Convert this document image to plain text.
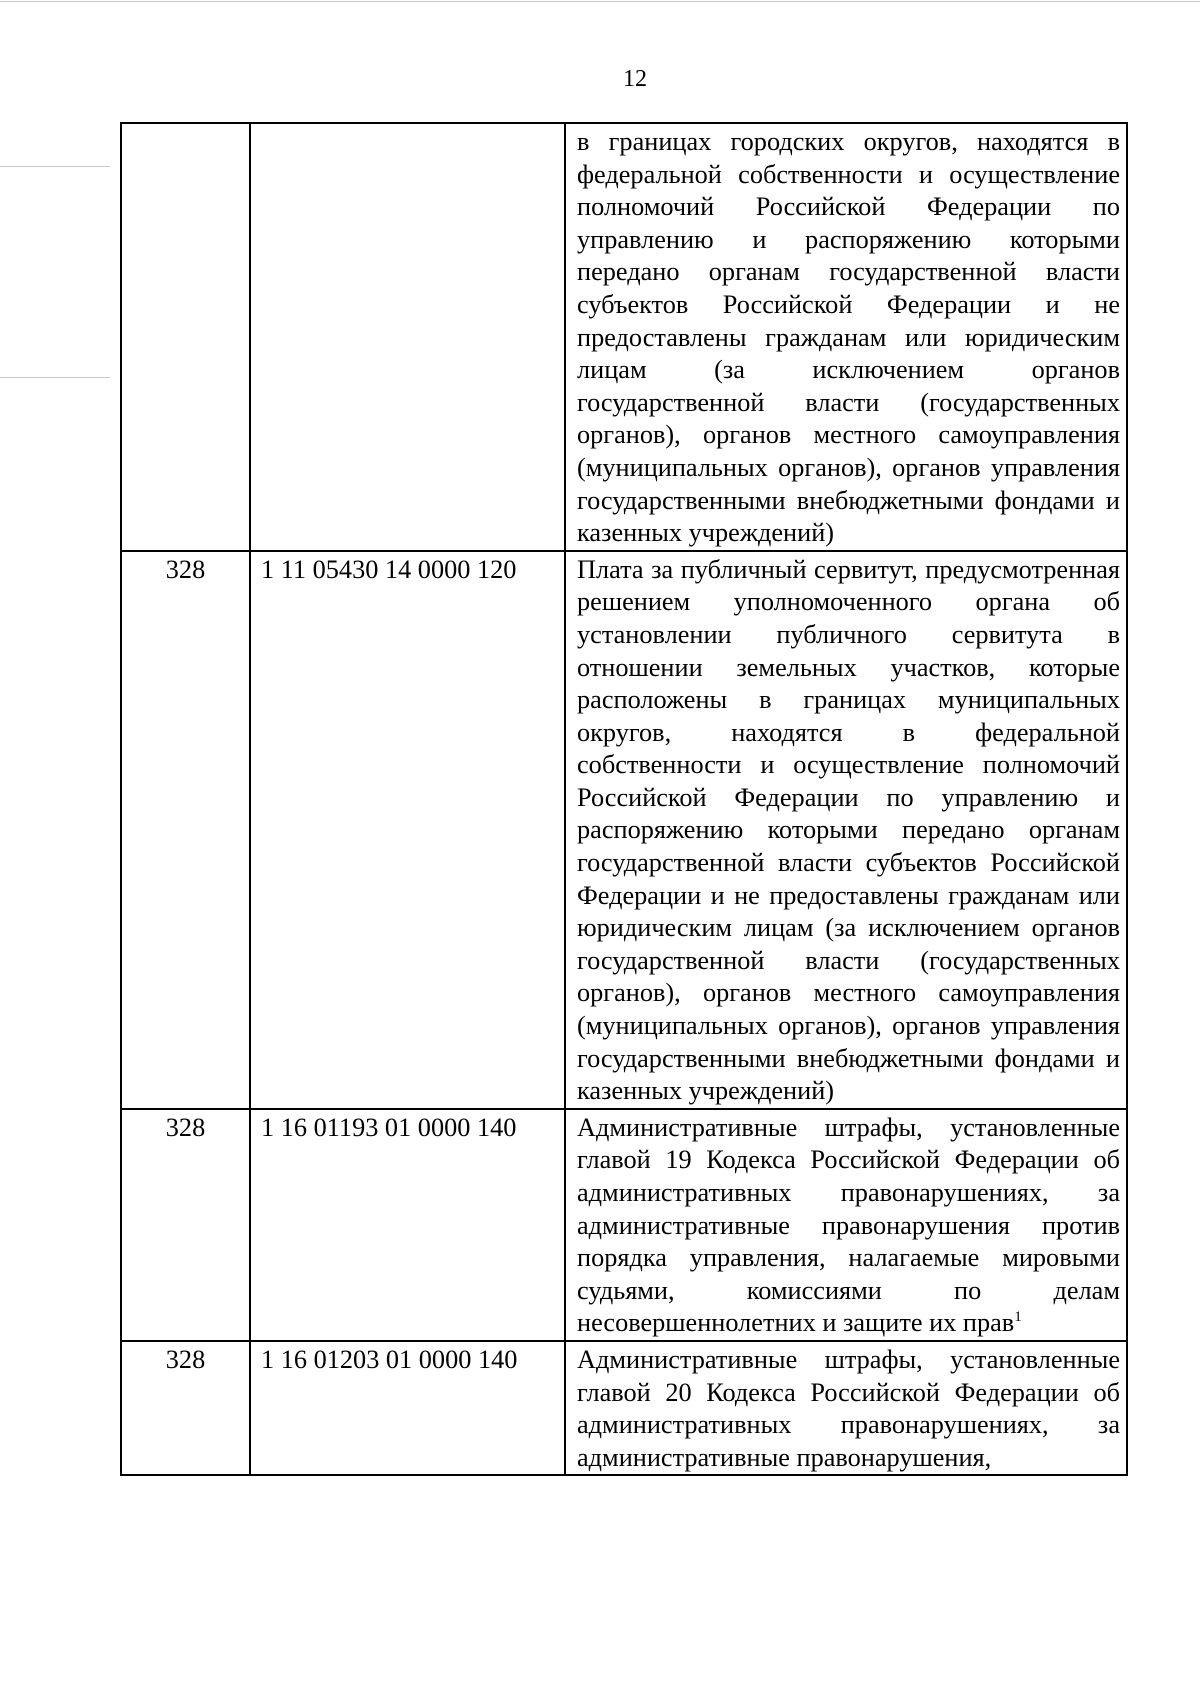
12

		в границах городских округов, находятся в федеральной собственности и осуществление полномочий Российской Федерации по управлению и распоряжению которыми передано органам государственной власти субъектов Российской Федерации и не предоставлены гражданам или юридическим лицам (за исключением органов государственной власти (государственных органов), органов местного самоуправления (муниципальных органов), органов управления государственными внебюджетными фондами и казенных учреждений)

328	1 11 05430 14 0000 120	Плата за публичный сервитут, предусмотренная решением уполномоченного органа об установлении публичного сервитута в отношении земельных участков, которые расположены в границах муниципальных округов, находятся в федеральной собственности и осуществление полномочий Российской Федерации по управлению и распоряжению которыми передано органам государственной власти субъектов Российской Федерации и не предоставлены гражданам или юридическим лицам (за исключением органов государственной власти (государственных органов), органов местного самоуправления (муниципальных органов), органов управления государственными внебюджетными фондами и казенных учреждений)

328	1 16 01193 01 0000 140	Административные штрафы, установленные главой 19 Кодекса Российской Федерации об административных правонарушениях, за административные правонарушения против порядка управления, налагаемые мировыми судьями, комиссиями по делам несовершеннолетних и защите их прав$^1$

328	1 16 01203 01 0000 140	Административные штрафы, установленные главой 20 Кодекса Российской Федерации об административных правонарушениях, за административные правонарушения,
